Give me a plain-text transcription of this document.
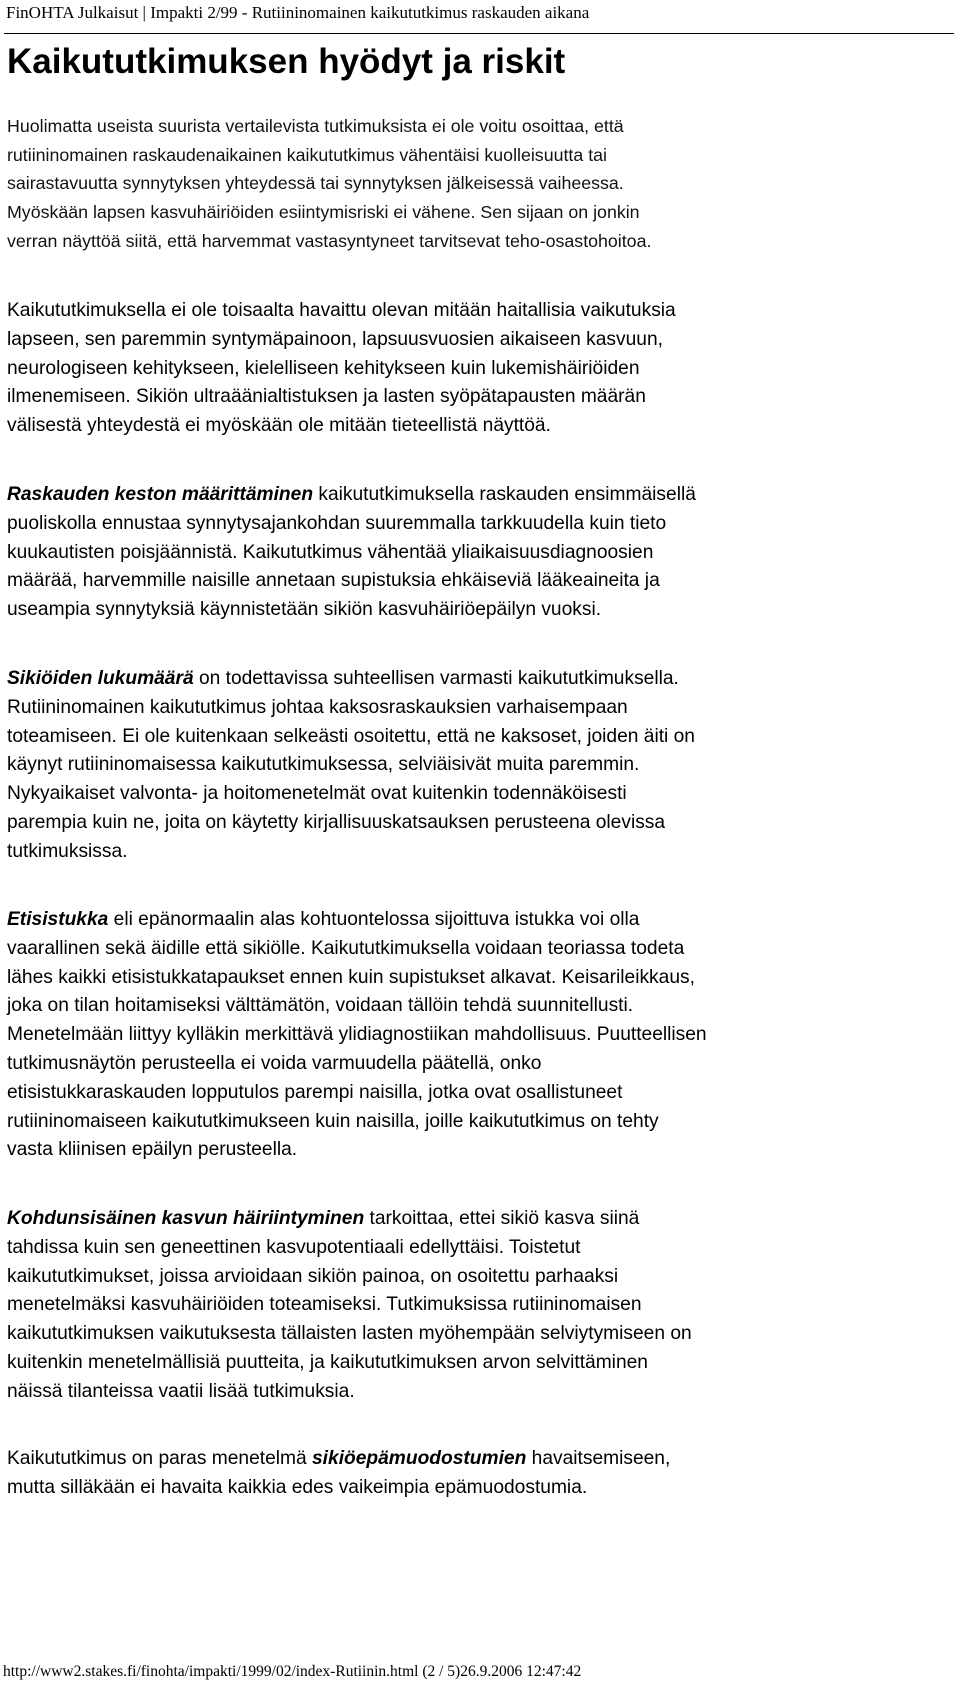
FinOHTA Julkaisut | Impakti 2/99 - Rutiininomainen kaikututkimus raskauden aikana
Kaikututkimuksen hyödyt ja riskit

Huolimatta useista suurista vertailevista tutkimuksista ei ole voitu osoittaa, että
rutiininomainen raskaudenaikainen kaikututkimus vähentäisi kuolleisuutta tai
sairastavuutta synnytyksen yhteydessä tai synnytyksen jälkeisessä vaiheessa.
Myöskään lapsen kasvuhäiriöiden esiintymisriski ei vähene. Sen sijaan on jonkin
verran näyttöä siitä, että harvemmat vastasyntyneet tarvitsevat teho-osastohoitoa.

Kaikututkimuksella ei ole toisaalta havaittu olevan mitään haitallisia vaikutuksia
lapseen, sen paremmin syntymäpainoon, lapsuusvuosien aikaiseen kasvuun,
neurologiseen kehitykseen, kielelliseen kehitykseen kuin lukemishäiriöiden
ilmenemiseen. Sikiön ultraäänialtistuksen ja lasten syöpätapausten määrän
välisestä yhteydestä ei myöskään ole mitään tieteellistä näyttöä.

Raskauden keston määrittäminen kaikututkimuksella raskauden ensimmäisellä
puoliskolla ennustaa synnytysajankohdan suuremmalla tarkkuudella kuin tieto
kuukautisten poisjäännistä. Kaikututkimus vähentää yliaikaisuusdiagnoosien
määrää, harvemmille naisille annetaan supistuksia ehkäiseviä lääkeaineita ja
useampia synnytyksiä käynnistetään sikiön kasvuhäiriöepäilyn vuoksi.

Sikiöiden lukumäärä on todettavissa suhteellisen varmasti kaikututkimuksella.
Rutiininomainen kaikututkimus johtaa kaksosraskauksien varhaisempaan
toteamiseen. Ei ole kuitenkaan selkeästi osoitettu, että ne kaksoset, joiden äiti on
käynyt rutiininomaisessa kaikututkimuksessa, selviäisivät muita paremmin.
Nykyaikaiset valvonta- ja hoitomenetelmät ovat kuitenkin todennäköisesti
parempia kuin ne, joita on käytetty kirjallisuuskatsauksen perusteena olevissa
tutkimuksissa.

Etisistukka eli epänormaalin alas kohtuontelossa sijoittuva istukka voi olla
vaarallinen sekä äidille että sikiölle. Kaikututkimuksella voidaan teoriassa todeta
lähes kaikki etisistukkatapaukset ennen kuin supistukset alkavat. Keisarileikkaus,
joka on tilan hoitamiseksi välttämätön, voidaan tällöin tehdä suunnitellusti.
Menetelmään liittyy kylläkin merkittävä ylidiagnostiikan mahdollisuus. Puutteellisen
tutkimusnäytön perusteella ei voida varmuudella päätellä, onko
etisistukkaraskauden lopputulos parempi naisilla, jotka ovat osallistuneet
rutiininomaiseen kaikututkimukseen kuin naisilla, joille kaikututkimus on tehty
vasta kliinisen epäilyn perusteella.

Kohdunsisäinen kasvun häiriintyminen tarkoittaa, ettei sikiö kasva siinä
tahdissa kuin sen geneettinen kasvupotentiaali edellyttäisi. Toistetut
kaikututkimukset, joissa arvioidaan sikiön painoa, on osoitettu parhaaksi
menetelmäksi kasvuhäiriöiden toteamiseksi. Tutkimuksissa rutiininomaisen
kaikututkimuksen vaikutuksesta tällaisten lasten myöhempään selviytymiseen on
kuitenkin menetelmällisiä puutteita, ja kaikututkimuksen arvon selvittäminen
näissä tilanteissa vaatii lisää tutkimuksia.

Kaikututkimus on paras menetelmä sikiöepämuodostumien havaitsemiseen,
mutta silläkään ei havaita kaikkia edes vaikeimpia epämuodostumia.

http://www2.stakes.fi/finohta/impakti/1999/02/index-Rutiinin.html (2 / 5)26.9.2006 12:47:42
